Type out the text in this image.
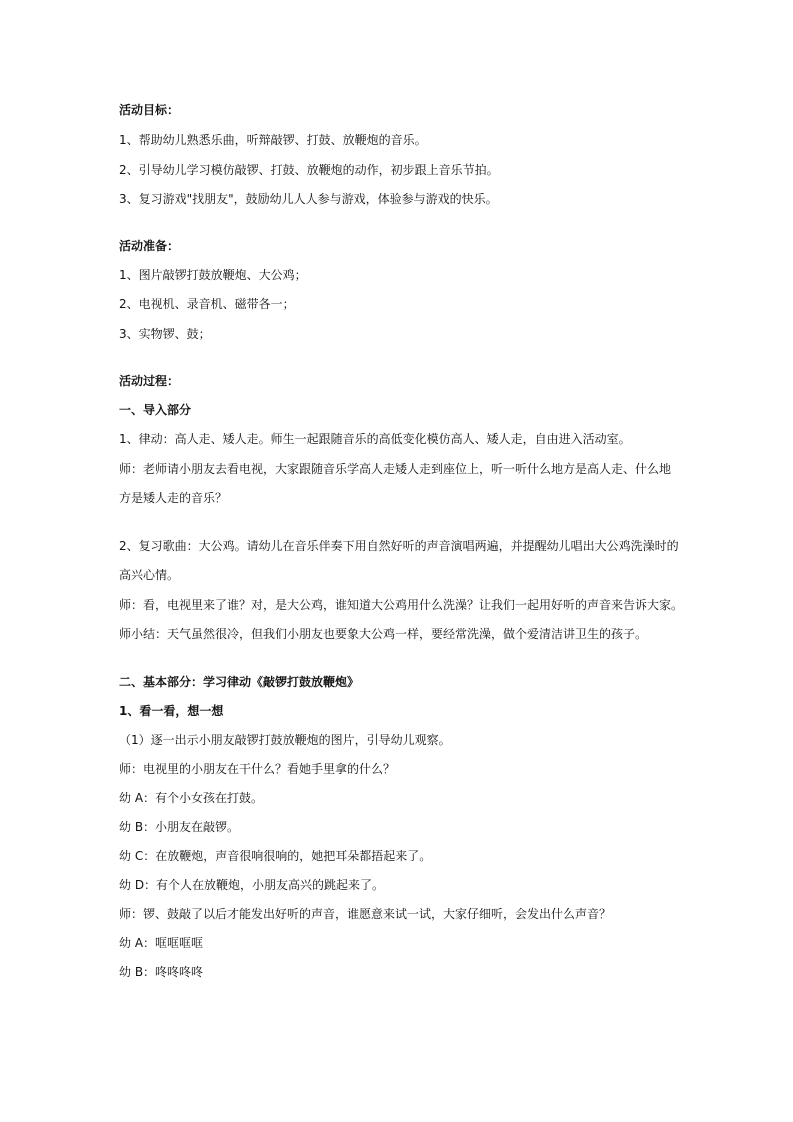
活动目标：
1、帮助幼儿熟悉乐曲，听辩敲锣、打鼓、放鞭炮的音乐。
2、引导幼儿学习模仿敲锣、打鼓、放鞭炮的动作，初步跟上音乐节拍。
3、复习游戏"找朋友"，鼓励幼儿人人参与游戏，体验参与游戏的快乐。
活动准备：
1、图片敲锣打鼓放鞭炮、大公鸡；
2、电视机、录音机、磁带各一；
3、实物锣、鼓；
活动过程：
一、导入部分
1、律动：高人走、矮人走。师生一起跟随音乐的高低变化模仿高人、矮人走，自由进入活动室。
师：老师请小朋友去看电视，大家跟随音乐学高人走矮人走到座位上，听一听什么地方是高人走、什么地
方是矮人走的音乐？
2、复习歌曲：大公鸡。请幼儿在音乐伴奏下用自然好听的声音演唱两遍，并提醒幼儿唱出大公鸡洗澡时的
高兴心情。
师：看，电视里来了谁？对，是大公鸡，谁知道大公鸡用什么洗澡？让我们一起用好听的声音来告诉大家。
师小结：天气虽然很冷，但我们小朋友也要象大公鸡一样，要经常洗澡，做个爱清洁讲卫生的孩子。
二、基本部分：学习律动《敲锣打鼓放鞭炮》
1、看一看，想一想
（1）逐一出示小朋友敲锣打鼓放鞭炮的图片，引导幼儿观察。
师：电视里的小朋友在干什么？看她手里拿的什么？
幼 A：有个小女孩在打鼓。
幼 B：小朋友在敲锣。
幼 C：在放鞭炮，声音很响很响的，她把耳朵都捂起来了。
幼 D：有个人在放鞭炮，小朋友高兴的跳起来了。
师：锣、鼓敲了以后才能发出好听的声音，谁愿意来试一试，大家仔细听，会发出什么声音？
幼 A：哐哐哐哐
幼 B：咚咚咚咚
